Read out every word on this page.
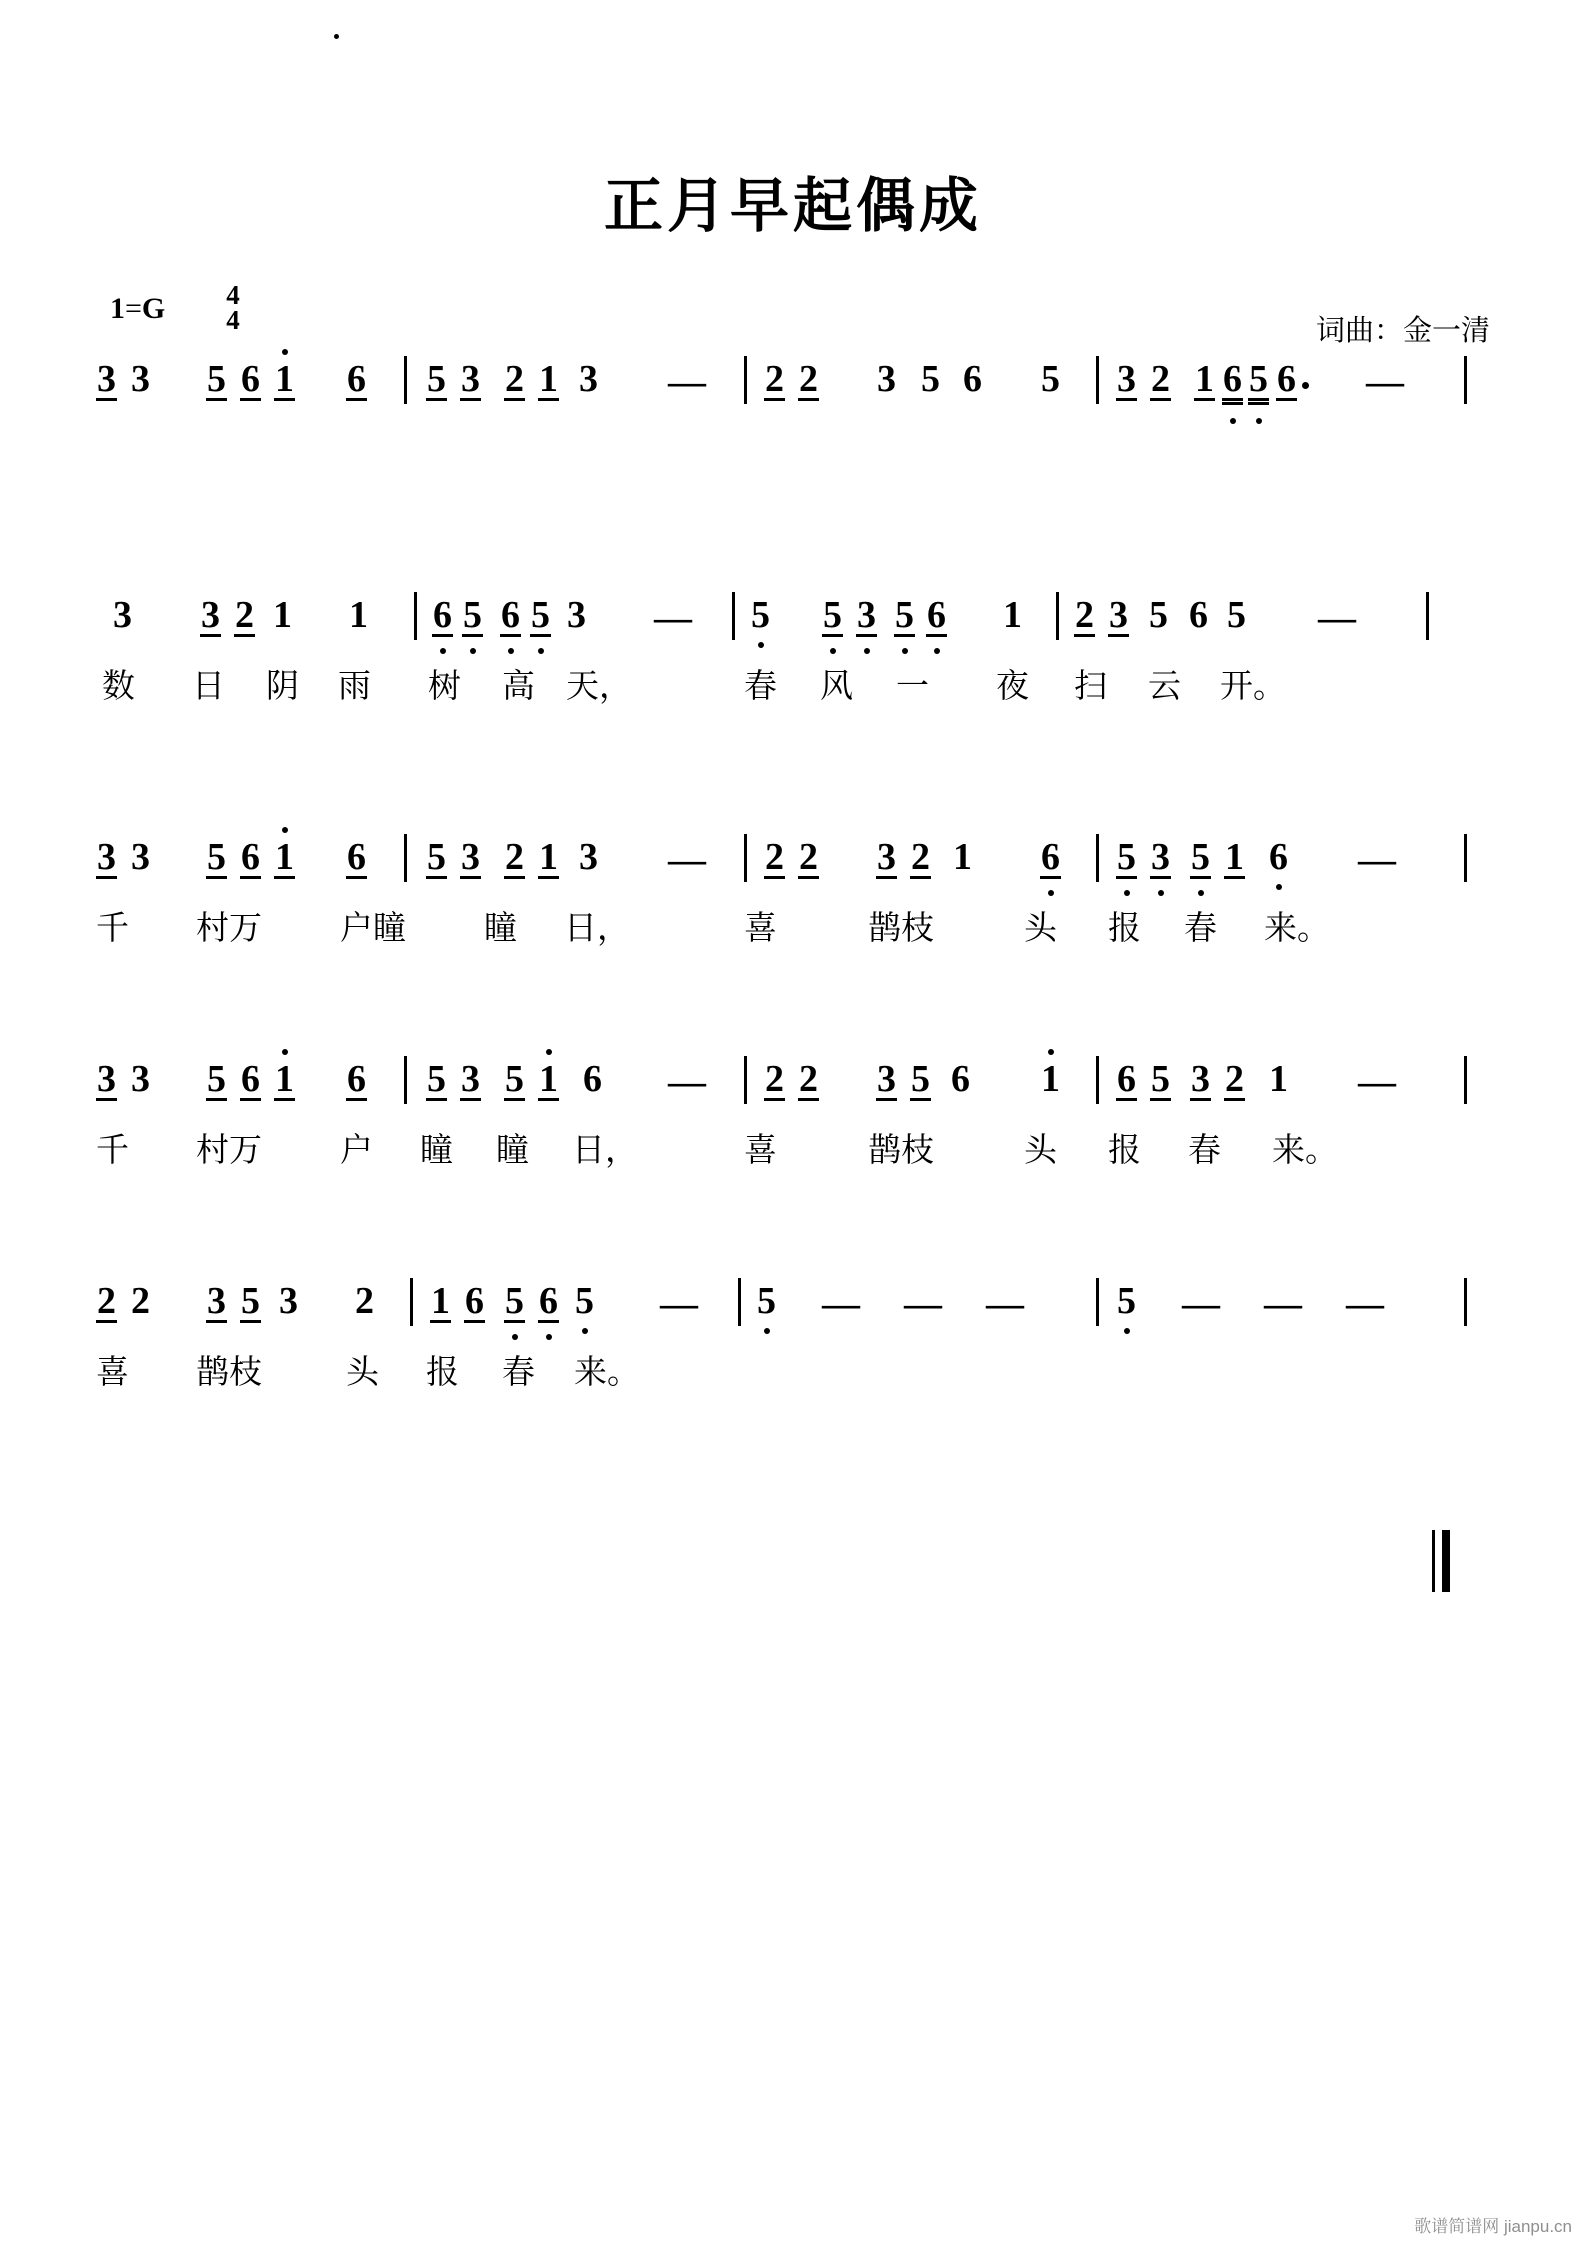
正月早起偶成
1=G	4
4	词曲：金一清
3 3 5 6 1 6 5 3 2 1 3 — 2 2 3 5 6 5 3 2 1 6 5 6 —
3 3 2 1 1 6 5 6 5 3 — 5 5 3 5 6 1 2 3 5 6 5 —
数 日 阴 雨 树 高 天，	春 风 一 夜 扫 云 开。
3 3 5 6 1 6 5 3 2 1 3 — 2 2 3 2 1 6 5 3 5 1 6 —
千 村万 户瞳 瞳 日，	喜	鹊枝	头 报 春 来。
3 3 5 6 1 6 5 3 5 1 6 — 2 2 3 5 6 1 6 5 3 2 1 —
千 村万 户 瞳 瞳 日，	喜	鹊枝	头 报 春 来。
2 2 3 5 3 2 1 6 5 6 5 — 5 — — — 5 — — —
喜 鹊枝	头 报 春 来。
歌谱简谱网 jianpu.cn
